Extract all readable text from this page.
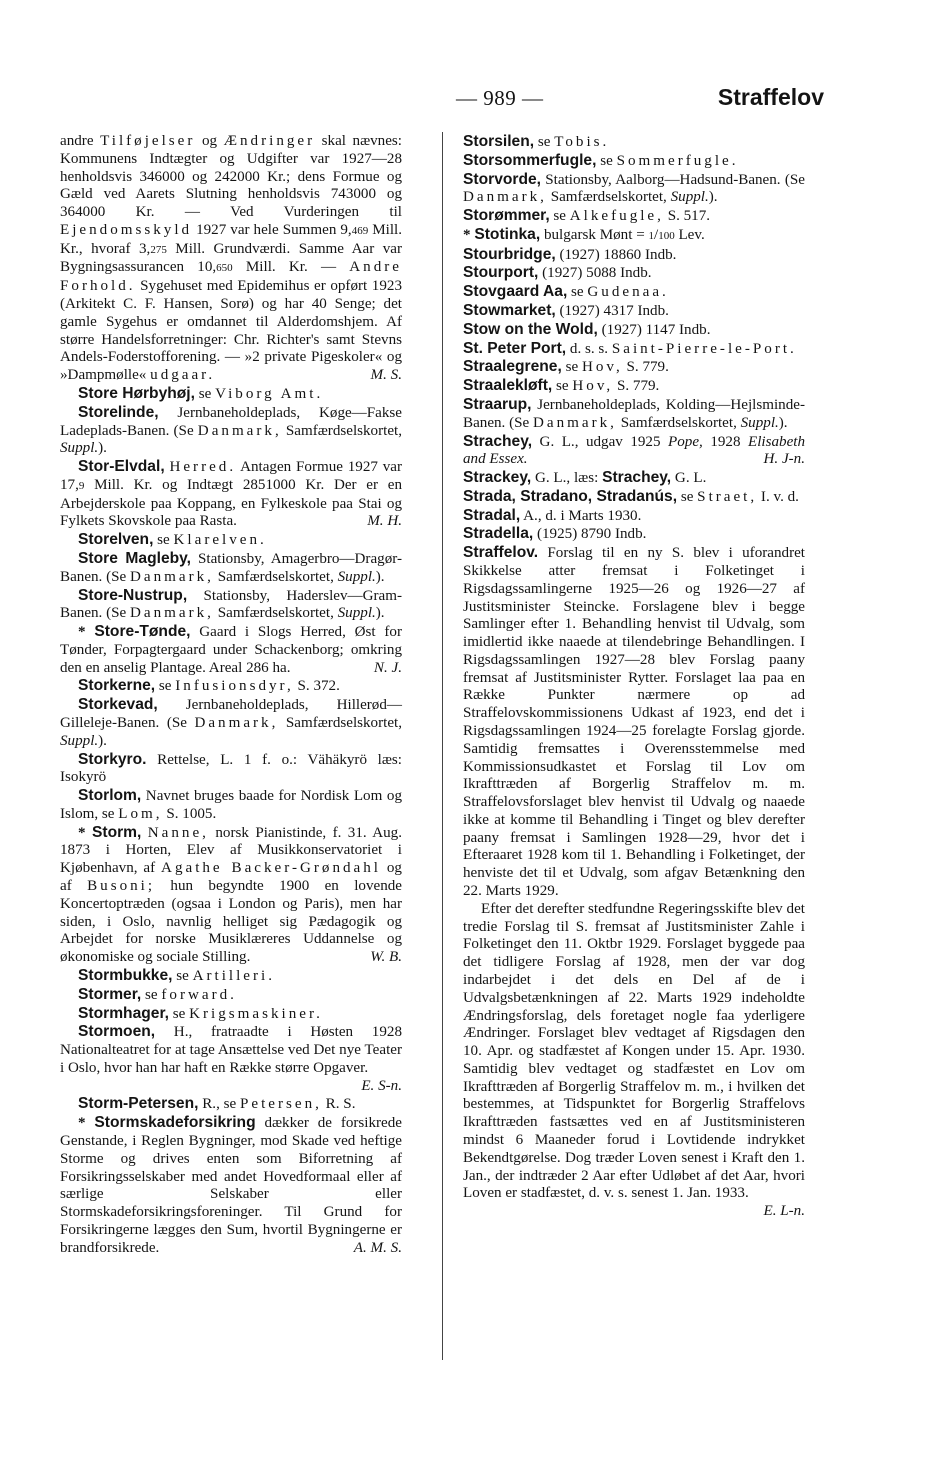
— 989 —	Straffelov

andre Tilføjelser og Ændringer skal nævnes: Kommunens Indtægter og Udgifter var 1927—28 henholdsvis 346000 og 242000 Kr.; dens Formue og Gæld ved Aarets Slutning henholdsvis 743000 og 364000 Kr. — Ved Vurderingen til Ejendomsskyld 1927 var hele Summen 9,469 Mill. Kr., hvoraf 3,275 Mill. Grundværdi. Samme Aar var Bygningsassurancen 10,650 Mill. Kr. — Andre Forhold. Sygehuset med Epidemihus er opført 1923 (Arkitekt C. F. Hansen, Sorø) og har 40 Senge; det gamle Sygehus er omdannet til Alderdomshjem. Af større Handelsforretninger: Chr. Richter's samt Stevns Andels-Foderstofforening. — »2 private Pigeskoler« og »Dampmølle« udgaar.	M. S.

Store Hørbyhøj, se Viborg Amt.

Storelinde, Jernbaneholdeplads, Køge—Fakse Ladeplads-Banen. (Se Danmark, Samfærdselskortet, Suppl.).

Stor-Elvdal, Herred. Antagen Formue 1927 var 17,9 Mill. Kr. og Indtægt 2851000 Kr. Der er en Arbejderskole paa Koppang, en Fylkeskole paa Stai og Fylkets Skovskole paa Rasta.	M. H.

Storelven, se Klarelven.

Store Magleby, Stationsby, Amagerbro—Dragør-Banen. (Se Danmark, Samfærdselskortet, Suppl.).

Store-Nustrup, Stationsby, Haderslev—Gram-Banen. (Se Danmark, Samfærdselskortet, Suppl.).

* Store-Tønde, Gaard i Slogs Herred, Øst for Tønder, Forpagtergaard under Schackenborg; omkring den en anselig Plantage. Areal 286 ha.	N. J.

Storkerne, se Infusionsdyr, S. 372.

Storkevad, Jernbaneholdeplads, Hillerød—Gilleleje-Banen. (Se Danmark, Samfærdselskortet, Suppl.).

Storkyro. Rettelse, L. 1 f. o.: Vähäkyrö læs: Isokyrö

Storlom, Navnet bruges baade for Nordisk Lom og Islom, se Lom, S. 1005.

* Storm, Nanne, norsk Pianistinde, f. 31. Aug. 1873 i Horten, Elev af Musikkonservatoriet i Kjøbenhavn, af Agathe Backer-Grøndahl og af Busoni; hun begyndte 1900 en lovende Koncertoptræden (ogsaa i London og Paris), men har siden, i Oslo, navnlig helliget sig Pædagogik og Arbejdet for norske Musiklæreres Uddannelse og økonomiske og sociale Stilling.	W. B.

Stormbukke, se Artilleri.

Stormer, se forward.

Stormhager, se Krigsmaskiner.

Stormoen, H., fratraadte i Høsten 1928 Nationalteatret for at tage Ansættelse ved Det nye Teater i Oslo, hvor han har haft en Række større Opgaver.
E. S-n.

Storm-Petersen, R., se Petersen, R. S.

* Stormskadeforsikring dækker de forsikrede Genstande, i Reglen Bygninger, mod Skade ved heftige Storme og drives enten som Biforretning af Forsikringsselskaber med andet Hovedformaal eller af særlige Selskaber eller Stormskadeforsikringsforeninger. Til Grund for Forsikringerne lægges den Sum, hvortil Bygningerne er brandforsikrede.	A. M. S.

Storsilen, se Tobis.

Storsommerfugle, se Sommerfugle.

Storvorde, Stationsby, Aalborg—Hadsund-Banen. (Se Danmark, Samfærdselskortet, Suppl.).

Storømmer, se Alkefugle, S. 517.

* Stotinka, bulgarsk Mønt = 1/100 Lev.

Stourbridge, (1927) 18860 Indb.

Stourport, (1927) 5088 Indb.

Stovgaard Aa, se Gudenaa.

Stowmarket, (1927) 4317 Indb.

Stow on the Wold, (1927) 1147 Indb.

St. Peter Port, d. s. s. Saint-Pierre-le-Port.

Straalegrene, se Hov, S. 779.

Straalekløft, se Hov, S. 779.

Straarup, Jernbaneholdeplads, Kolding—Hejlsminde-Banen. (Se Danmark, Samfærdselskortet, Suppl.).

Strachey, G. L., udgav 1925 Pope, 1928 Elisabeth and Essex.	H. J-n.

Strackey, G. L., læs: Strachey, G. L.

Strada, Stradano, Stradanús, se Straet, I. v. d.

Stradal, A., d. i Marts 1930.

Stradella, (1925) 8790 Indb.

Straffelov. Forslag til en ny S. blev i uforandret Skikkelse atter fremsat i Folketinget i Rigsdagssamlingerne 1925—26 og 1926—27 af Justitsminister Steincke. Forslagene blev i begge Samlinger efter 1. Behandling henvist til Udvalg, som imidlertid ikke naaede at tilendebringe Behandlingen. I Rigsdagssamlingen 1927—28 blev Forslag paany fremsat af Justitsminister Rytter. Forslaget laa paa en Række Punkter nærmere op ad Straffelovskommissionens Udkast af 1923, end det i Rigsdagssamlingen 1924—25 forelagte Forslag gjorde. Samtidig fremsattes i Overensstemmelse med Kommissionsudkastet et Forslag til Lov om Ikrafttræden af Borgerlig Straffelov m. m. Straffelovsforslaget blev henvist til Udvalg og naaede ikke at komme til Behandling i Tinget og blev derefter paany fremsat i Samlingen 1928—29, hvor det i Efteraaret 1928 kom til 1. Behandling i Folketinget, der henviste det til et Udvalg, som afgav Betænkning den 22. Marts 1929.

Efter det derefter stedfundne Regeringsskifte blev det tredie Forslag til S. fremsat af Justitsminister Zahle i Folketinget den 11. Oktbr 1929. Forslaget byggede paa det tidligere Forslag af 1928, men der var dog indarbejdet i det dels en Del af de i Udvalgsbetænkningen af 22. Marts 1929 indeholdte Ændringsforslag, dels foretaget nogle faa yderligere Ændringer. Forslaget blev vedtaget af Rigsdagen den 10. Apr. og stadfæstet af Kongen under 15. Apr. 1930. Samtidig blev vedtaget og stadfæstet en Lov om Ikrafttræden af Borgerlig Straffelov m. m., i hvilken det bestemmes, at Tidspunktet for Borgerlig Straffelovs Ikrafttræden fastsættes ved en af Justitsministeren mindst 6 Maaneder forud i Lovtidende indrykket Bekendtgørelse. Dog træder Loven senest i Kraft den 1. Jan., der indtræder 2 Aar efter Udløbet af det Aar, hvori Loven er stadfæstet, d. v. s. senest 1. Jan. 1933.
E. L-n.
